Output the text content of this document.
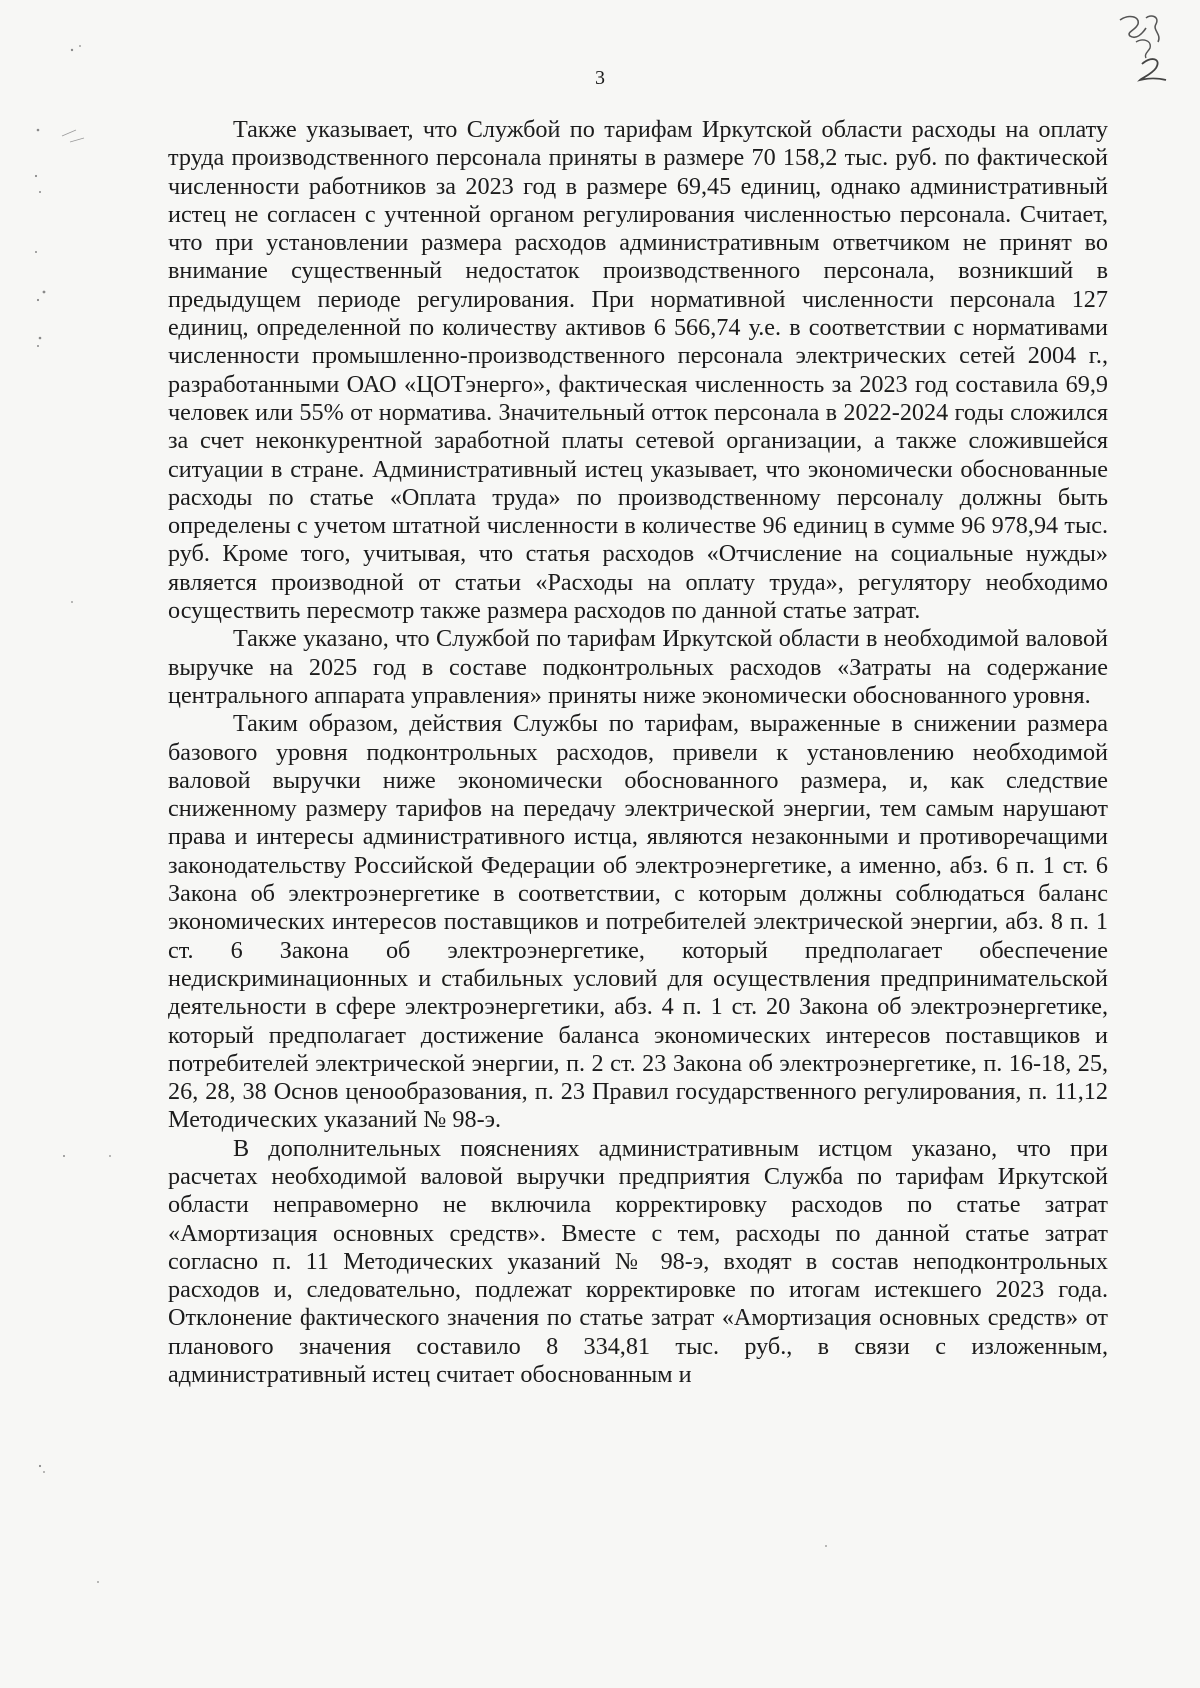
3

Также указывает, что Службой по тарифам Иркутской области расходы на оплату труда производственного персонала приняты в размере 70 158,2 тыс. руб. по фактической численности работников за 2023 год в размере 69,45 единиц, однако административный истец не согласен с учтенной органом регулирования численностью персонала. Считает, что при установлении размера расходов административным ответчиком не принят во внимание существенный недостаток производственного персонала, возникший в предыдущем периоде регулирования. При нормативной численности персонала 127 единиц, определенной по количеству активов 6 566,74 у.е. в соответствии с нормативами численности промышленно-производственного персонала электрических сетей 2004 г., разработанными ОАО «ЦОТэнерго», фактическая численность за 2023 год составила 69,9 человек или 55% от норматива. Значительный отток персонала в 2022-2024 годы сложился за счет неконкурентной заработной платы сетевой организации, а также сложившейся ситуации в стране. Административный истец указывает, что экономически обоснованные расходы по статье «Оплата труда» по производственному персоналу должны быть определены с учетом штатной численности в количестве 96 единиц в сумме 96 978,94 тыс. руб. Кроме того, учитывая, что статья расходов «Отчисление на социальные нужды» является производной от статьи «Расходы на оплату труда», регулятору необходимо осуществить пересмотр также размера расходов по данной статье затрат.

Также указано, что Службой по тарифам Иркутской области в необходимой валовой выручке на 2025 год в составе подконтрольных расходов «Затраты на содержание центрального аппарата управления» приняты ниже экономически обоснованного уровня.

Таким образом, действия Службы по тарифам, выраженные в снижении размера базового уровня подконтрольных расходов, привели к установлению необходимой валовой выручки ниже экономически обоснованного размера, и, как следствие сниженному размеру тарифов на передачу электрической энергии, тем самым нарушают права и интересы административного истца, являются незаконными и противоречащими законодательству Российской Федерации об электроэнергетике, а именно, абз. 6 п. 1 ст. 6 Закона об электроэнергетике в соответствии, с которым должны соблюдаться баланс экономических интересов поставщиков и потребителей электрической энергии, абз. 8 п. 1 ст. 6 Закона об электроэнергетике, который предполагает обеспечение недискриминационных и стабильных условий для осуществления предпринимательской деятельности в сфере электроэнергетики, абз. 4 п. 1 ст. 20 Закона об электроэнергетике, который предполагает достижение баланса экономических интересов поставщиков и потребителей электрической энергии, п. 2 ст. 23 Закона об электроэнергетике, п. 16-18, 25, 26, 28, 38 Основ ценообразования, п. 23 Правил государственного регулирования, п. 11,12 Методических указаний № 98-э.

В дополнительных пояснениях административным истцом указано, что при расчетах необходимой валовой выручки предприятия Служба по тарифам Иркутской области неправомерно не включила корректировку расходов по статье затрат «Амортизация основных средств». Вместе с тем, расходы по данной статье затрат согласно п. 11 Методических указаний № 98-э, входят в состав неподконтрольных расходов и, следовательно, подлежат корректировке по итогам истекшего 2023 года. Отклонение фактического значения по статье затрат «Амортизация основных средств» от планового значения составило 8 334,81 тыс. руб., в связи с изложенным, административный истец считает обоснованным и
